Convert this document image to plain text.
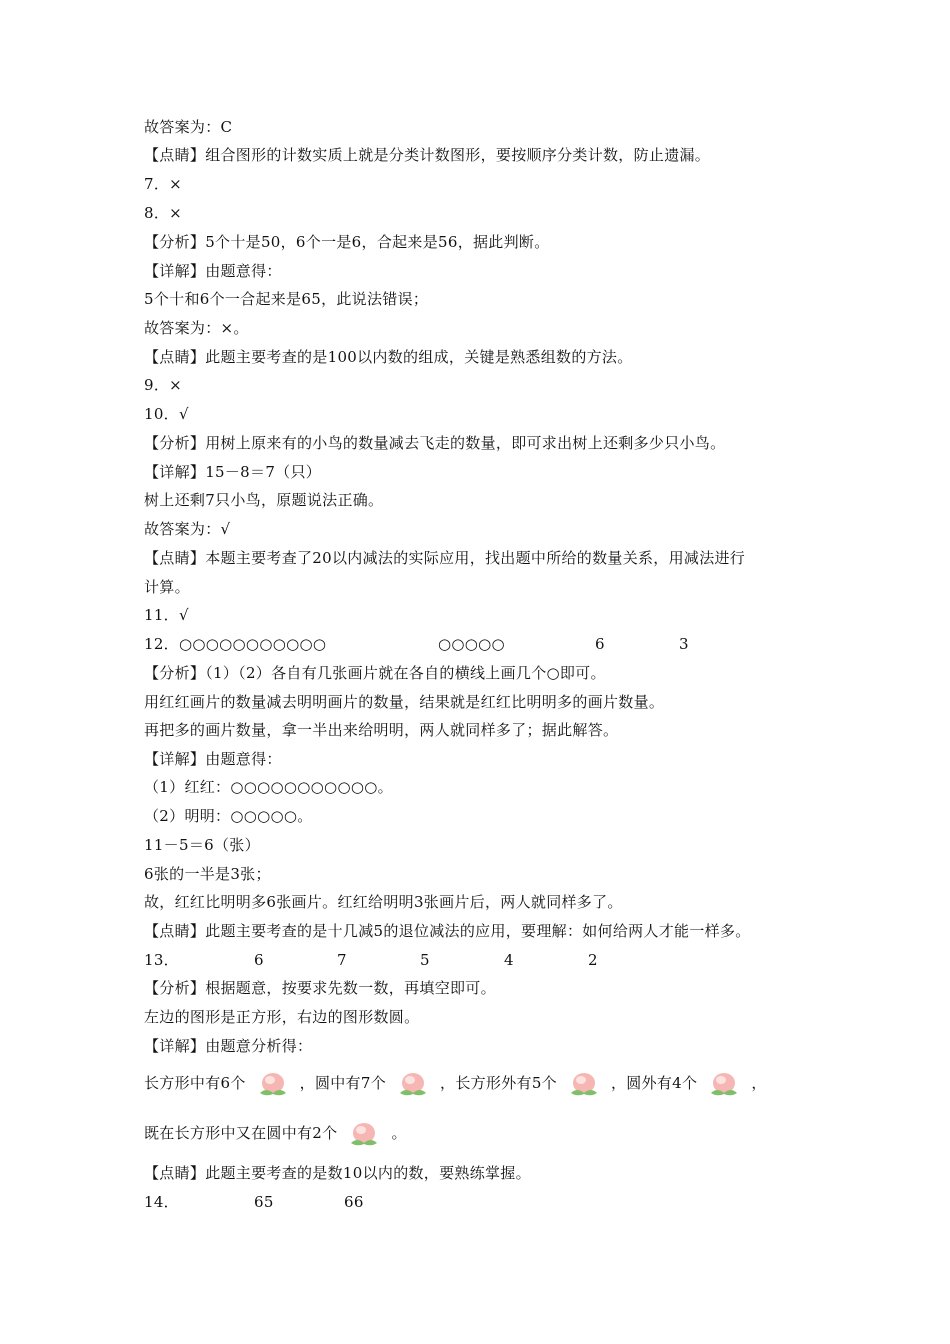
故答案为：C
【点睛】组合图形的计数实质上就是分类计数图形，要按顺序分类计数，防止遗漏。
7．×
8．×
【分析】5个十是50，6个一是6，合起来是56，据此判断。
【详解】由题意得：
5个十和6个一合起来是65，此说法错误；
故答案为：×。
【点睛】此题主要考查的是100以内数的组成，关键是熟悉组数的方法。
9．×
10．√
【分析】用树上原来有的小鸟的数量减去飞走的数量，即可求出树上还剩多少只小鸟。
【详解】15－8＝7（只）
树上还剩7只小鸟，原题说法正确。
故答案为：√
【点睛】本题主要考查了20以内减法的实际应用，找出题中所给的数量关系，用减法进行
计算。
11．√
12．○○○○○○○○○○○	○○○○○	6	3
【分析】（1）（2）各自有几张画片就在各自的横线上画几个○即可。
用红红画片的数量减去明明画片的数量，结果就是红红比明明多的画片数量。
再把多的画片数量，拿一半出来给明明，两人就同样多了；据此解答。
【详解】由题意得：
（1）红红：○○○○○○○○○○○。
（2）明明：○○○○○。
11－5＝6（张）
6张的一半是3张；
故，红红比明明多6张画片。红红给明明3张画片后，两人就同样多了。
【点睛】此题主要考查的是十几减5的退位减法的应用，要理解：如何给两人才能一样多。
13．	6	7	5	4	2
【分析】根据题意，按要求先数一数，再填空即可。
左边的图形是正方形，右边的图形数圆。
【详解】由题意分析得：
长方形中有6个	，圆中有7个	，长方形外有5个	，圆外有4个	，
既在长方形中又在圆中有2个	。
【点睛】此题主要考查的是数10以内的数，要熟练掌握。
14．	65	66
